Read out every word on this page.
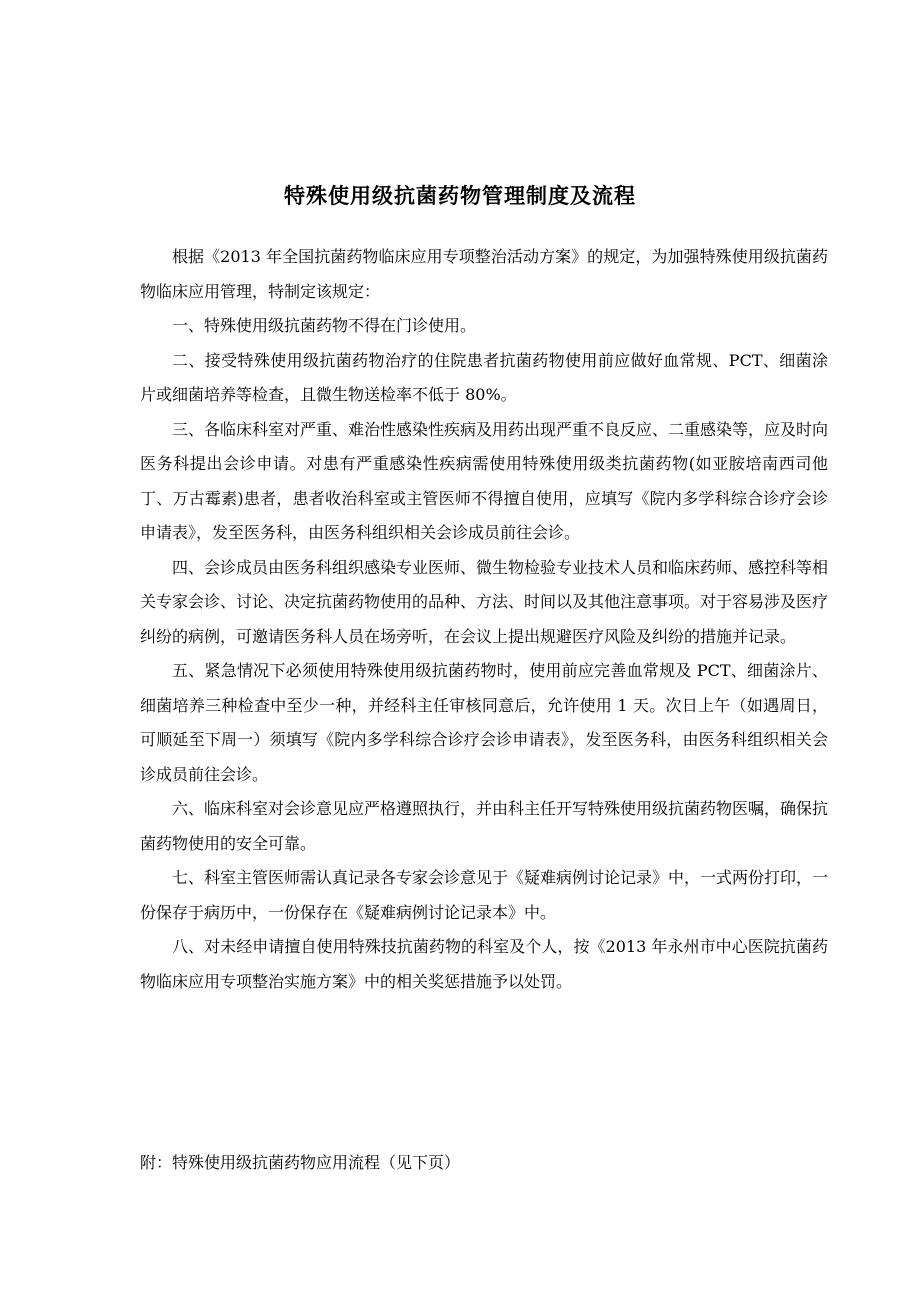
特殊使用级抗菌药物管理制度及流程

根据《2013 年全国抗菌药物临床应用专项整治活动方案》的规定，为加强特殊使用级抗菌药物临床应用管理，特制定该规定：

一、特殊使用级抗菌药物不得在门诊使用。

二、接受特殊使用级抗菌药物治疗的住院患者抗菌药物使用前应做好血常规、PCT、细菌涂片或细菌培养等检查，且微生物送检率不低于 80%。

三、各临床科室对严重、难治性感染性疾病及用药出现严重不良反应、二重感染等，应及时向医务科提出会诊申请。对患有严重感染性疾病需使用特殊使用级类抗菌药物(如亚胺培南西司他丁、万古霉素)患者，患者收治科室或主管医师不得擅自使用，应填写《院内多学科综合诊疗会诊申请表》，发至医务科，由医务科组织相关会诊成员前往会诊。

四、会诊成员由医务科组织感染专业医师、微生物检验专业技术人员和临床药师、感控科等相关专家会诊、讨论、决定抗菌药物使用的品种、方法、时间以及其他注意事项。对于容易涉及医疗纠纷的病例，可邀请医务科人员在场旁听，在会议上提出规避医疗风险及纠纷的措施并记录。

五、紧急情况下必须使用特殊使用级抗菌药物时，使用前应完善血常规及 PCT、细菌涂片、细菌培养三种检查中至少一种，并经科主任审核同意后，允许使用 1 天。次日上午（如遇周日，可顺延至下周一）须填写《院内多学科综合诊疗会诊申请表》，发至医务科，由医务科组织相关会诊成员前往会诊。

六、临床科室对会诊意见应严格遵照执行，并由科主任开写特殊使用级抗菌药物医嘱，确保抗菌药物使用的安全可靠。

七、科室主管医师需认真记录各专家会诊意见于《疑难病例讨论记录》中，一式两份打印，一份保存于病历中，一份保存在《疑难病例讨论记录本》中。

八、对未经申请擅自使用特殊技抗菌药物的科室及个人，按《2013 年永州市中心医院抗菌药物临床应用专项整治实施方案》中的相关奖惩措施予以处罚。

附：特殊使用级抗菌药物应用流程（见下页）
